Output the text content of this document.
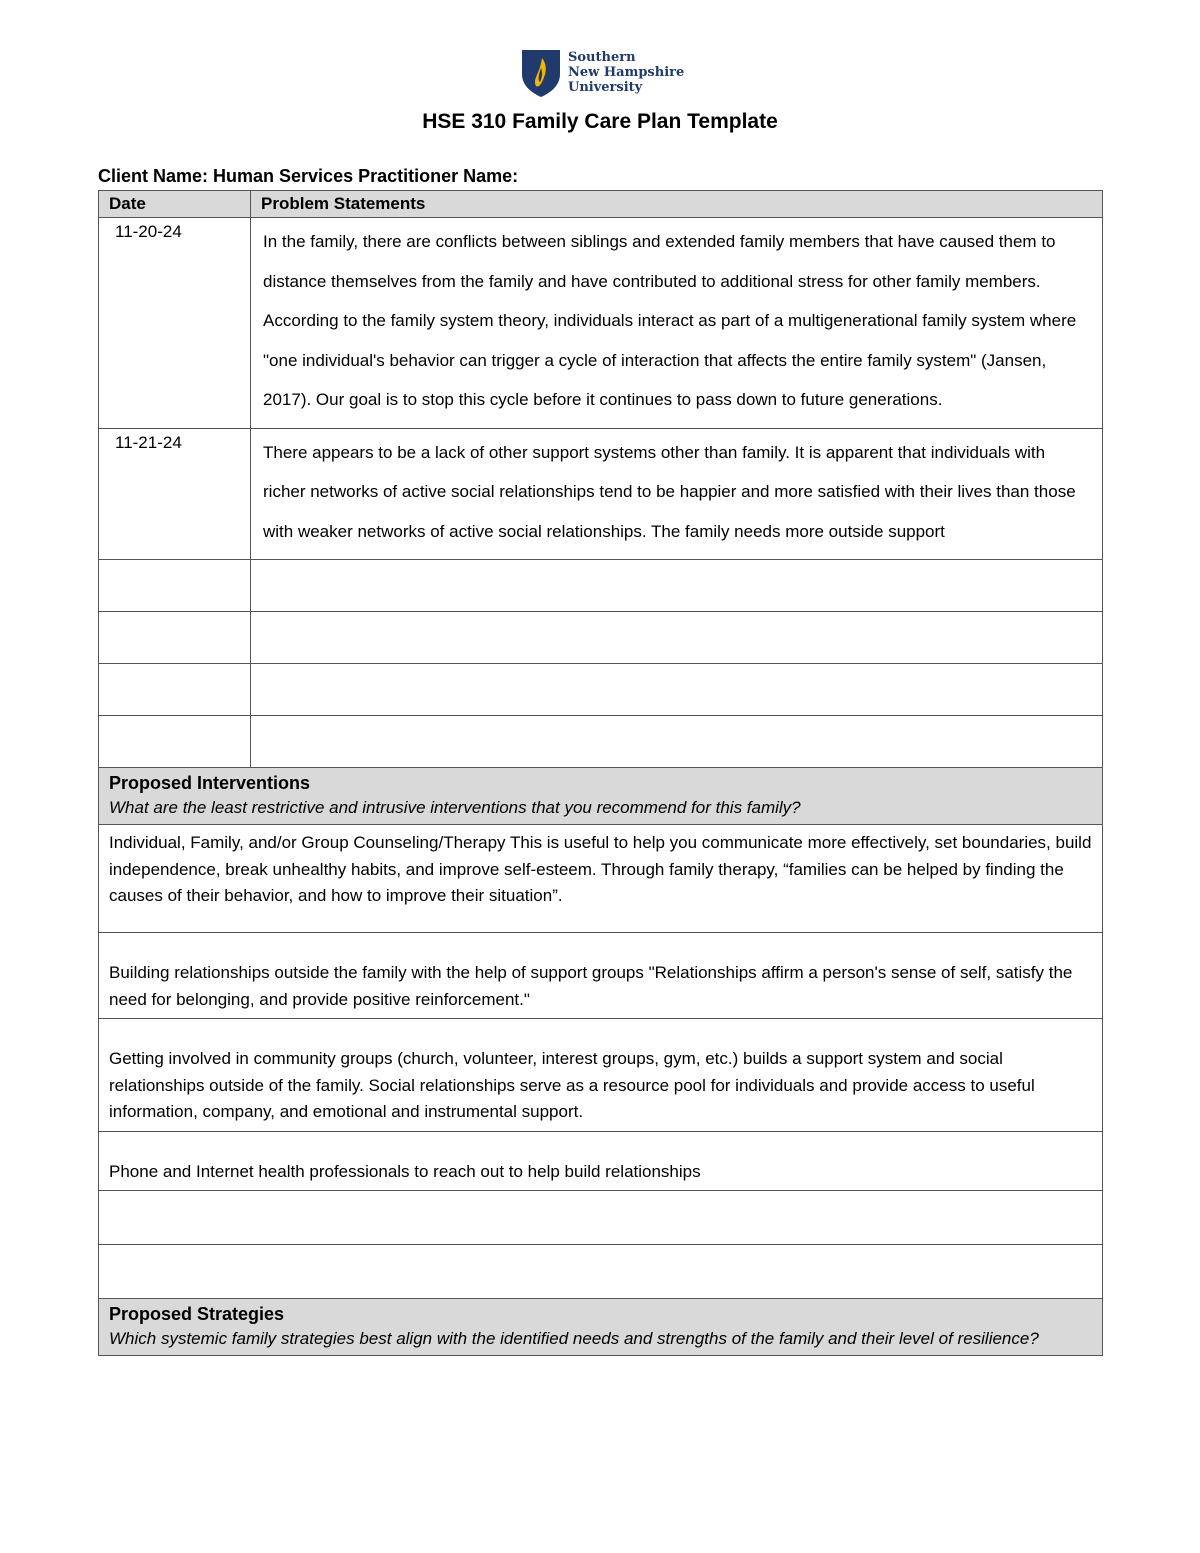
Southern
New Hampshire
University
HSE 310 Family Care Plan Template
Client Name: Human Services Practitioner Name:
Date	Problem Statements
11-20-24	In the family, there are conflicts between siblings and extended family members that have caused them to distance themselves from the family and have contributed to additional stress for other family members. According to the family system theory, individuals interact as part of a multigenerational family system where "one individual's behavior can trigger a cycle of interaction that affects the entire family system" (Jansen, 2017). Our goal is to stop this cycle before it continues to pass down to future generations.
11-21-24	There appears to be a lack of other support systems other than family. It is apparent that individuals with richer networks of active social relationships tend to be happier and more satisfied with their lives than those with weaker networks of active social relationships. The family needs more outside support

Proposed Interventions
What are the least restrictive and intrusive interventions that you recommend for this family?	

Individual, Family, and/or Group Counseling/Therapy This is useful to help you communicate more effectively, set boundaries, build independence, break unhealthy habits, and improve self-esteem. Through family therapy, “families can be helped by finding the causes of their behavior, and how to improve their situation”.	
Building relationships outside the family with the help of support groups "Relationships affirm a person's sense of self, satisfy the need for belonging, and provide positive reinforcement."	
Getting involved in community groups (church, volunteer, interest groups, gym, etc.) builds a support system and social relationships outside of the family. Social relationships serve as a resource pool for individuals and provide access to useful information, company, and emotional and instrumental support.	
Phone and Internet health professionals to reach out to help build relationships	

Proposed Strategies
Which systemic family strategies best align with the identified needs and strengths of the family and their level of resilience?	
